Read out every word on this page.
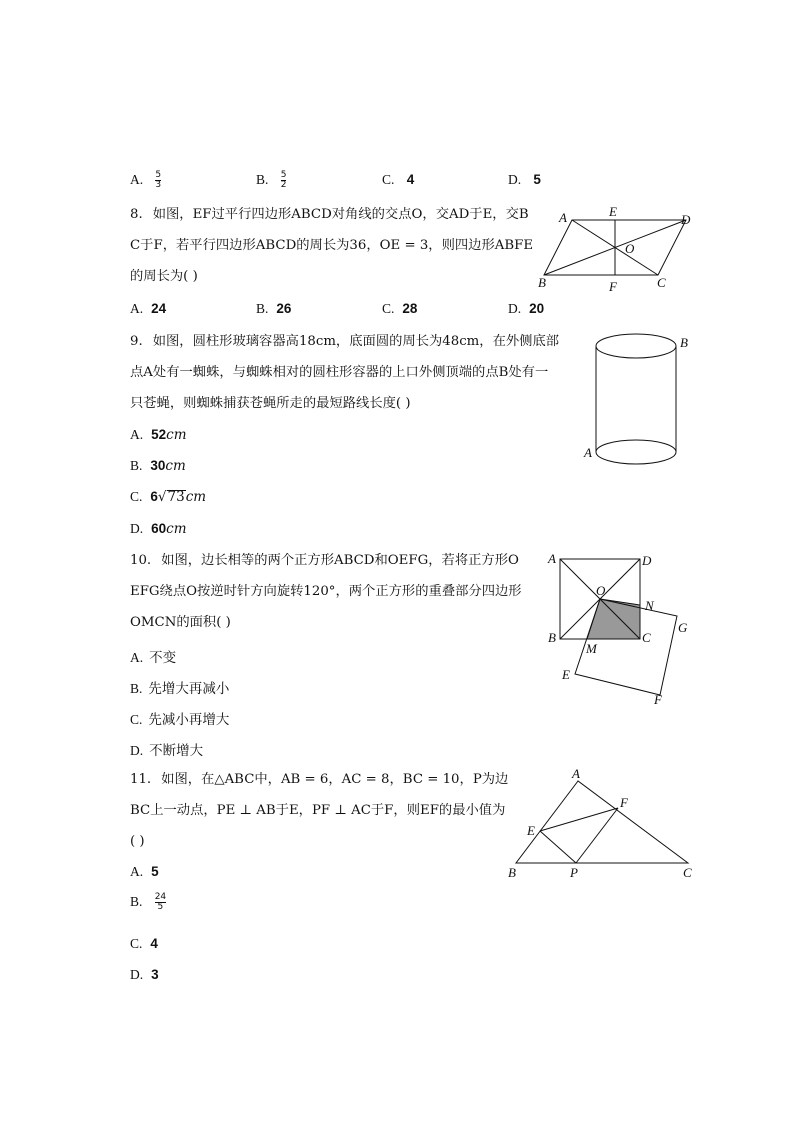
A. $\frac{5}{3}$	B. $\frac{5}{2}$	C. 4	D. 5
8. 如图，EF过平行四边形ABCD对角线的交点O，交AD于E，交B
C于F，若平行四边形ABCD的周长为36，OE = 3，则四边形ABFE
的周长为( )
A. 24	B. 26	C. 28	D. 20
A	E
D
O
B	F	C
9. 如图，圆柱形玻璃容器高18cm，底面圆的周长为48cm，在外侧底部
点A处有一蜘蛛，与蜘蛛相对的圆柱形容器的上口外侧顶端的点B处有一
只苍蝇，则蜘蛛捕获苍蝇所走的最短路线长度( )
A. 52cm
B. 30cm
C. 6√73cm
D. 60cm
B
A
10. 如图，边长相等的两个正方形ABCD和OEFG，若将正方形O
EFG绕点O按逆时针方向旋转120°，两个正方形的重叠部分四边形
OMCN的面积( )
A. 不变
B. 先增大再减小
C. 先减小再增大
D. 不断增大
A	D
O
N
G
B	C
M
E
F
11. 如图，在△ABC中，AB = 6，AC = 8，BC = 10，P为边
BC上一动点，PE ⊥ AB于E，PF ⊥ AC于F，则EF的最小值为
( )
A. 5
B. $\frac{24}{5}$
C. 4
D. 3
A
F
E
B	P	C
